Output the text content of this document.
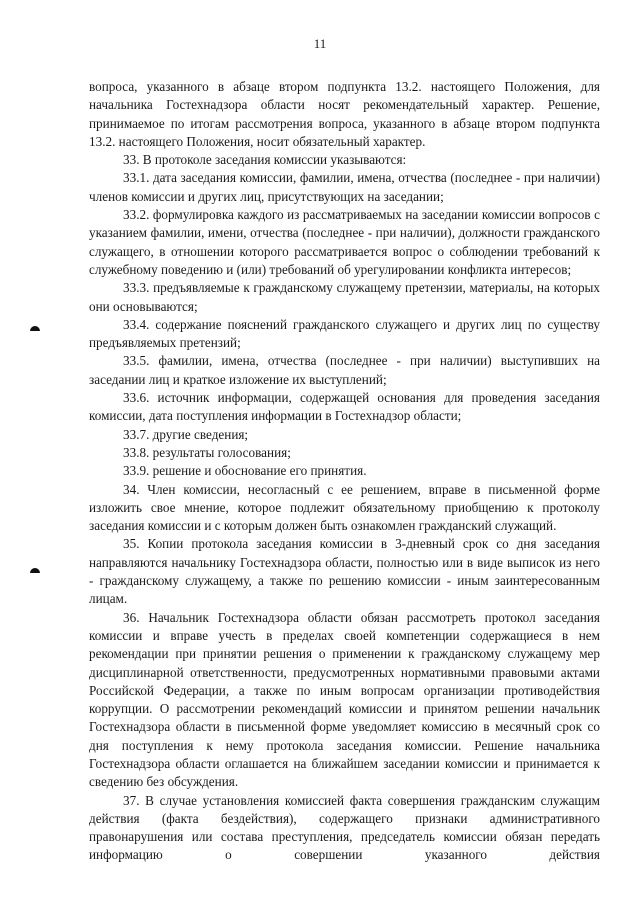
11

вопроса, указанного в абзаце втором подпункта 13.2. настоящего Положения, для начальника Гостехнадзора области носят рекомендательный характер. Решение, принимаемое по итогам рассмотрения вопроса, указанного в абзаце втором подпункта 13.2. настоящего Положения, носит обязательный характер.

33. В протоколе заседания комиссии указываются:

33.1. дата заседания комиссии, фамилии, имена, отчества (последнее - при наличии) членов комиссии и других лиц, присутствующих на заседании;

33.2. формулировка каждого из рассматриваемых на заседании комиссии вопросов с указанием фамилии, имени, отчества (последнее - при наличии), должности гражданского служащего, в отношении которого рассматривается вопрос о соблюдении требований к служебному поведению и (или) требований об урегулировании конфликта интересов;

33.3. предъявляемые к гражданскому служащему претензии, материалы, на которых они основываются;

33.4. содержание пояснений гражданского служащего и других лиц по существу предъявляемых претензий;

33.5. фамилии, имена, отчества (последнее - при наличии) выступивших на заседании лиц и краткое изложение их выступлений;

33.6. источник информации, содержащей основания для проведения заседания комиссии, дата поступления информации в Гостехнадзор области;

33.7. другие сведения;

33.8. результаты голосования;

33.9. решение и обоснование его принятия.

34. Член комиссии, несогласный с ее решением, вправе в письменной форме изложить свое мнение, которое подлежит обязательному приобщению к протоколу заседания комиссии и с которым должен быть ознакомлен гражданский служащий.

35. Копии протокола заседания комиссии в 3-дневный срок со дня заседания направляются начальнику Гостехнадзора области, полностью или в виде выписок из него - гражданскому служащему, а также по решению комиссии - иным заинтересованным лицам.

36. Начальник Гостехнадзора области обязан рассмотреть протокол заседания комиссии и вправе учесть в пределах своей компетенции содержащиеся в нем рекомендации при принятии решения о применении к гражданскому служащему мер дисциплинарной ответственности, предусмотренных нормативными правовыми актами Российской Федерации, а также по иным вопросам организации противодействия коррупции. О рассмотрении рекомендаций комиссии и принятом решении начальник Гостехнадзора области в письменной форме уведомляет комиссию в месячный срок со дня поступления к нему протокола заседания комиссии. Решение начальника Гостехнадзора области оглашается на ближайшем заседании комиссии и принимается к сведению без обсуждения.

37. В случае установления комиссией факта совершения гражданским служащим действия (факта бездействия), содержащего признаки административного правонарушения или состава преступления, председатель комиссии обязан передать информацию о совершении указанного действия
